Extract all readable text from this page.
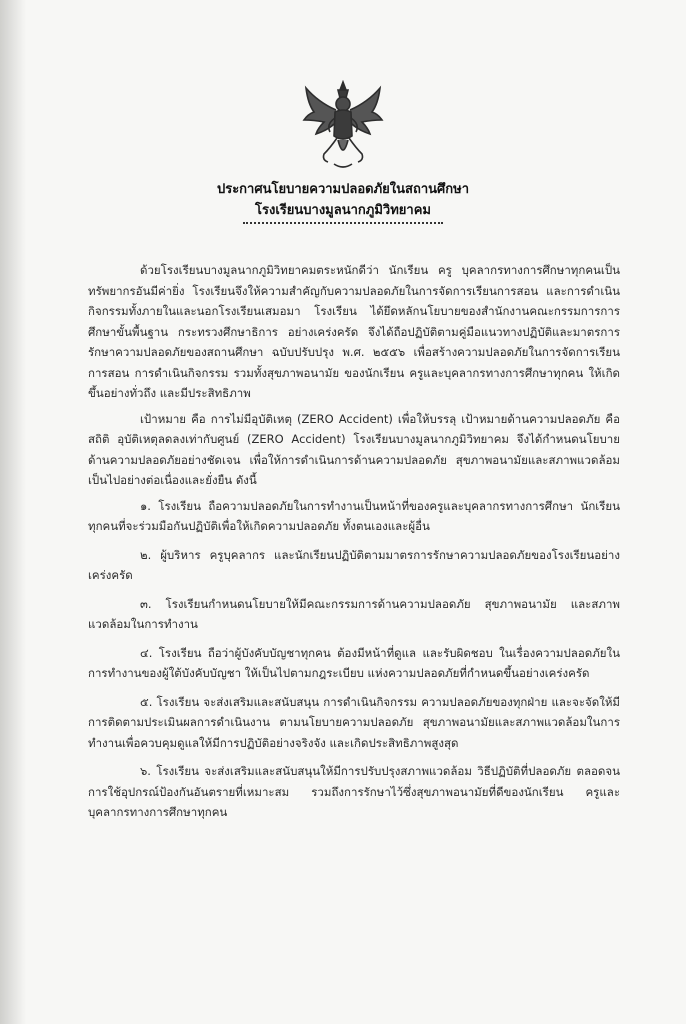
ประกาศนโยบายความปลอดภัยในสถานศึกษา
โรงเรียนบางมูลนากภูมิวิทยาคม

ด้วยโรงเรียนบางมูลนากภูมิวิทยาคมตระหนักดีว่า นักเรียน ครู บุคลากรทางการศึกษาทุกคนเป็นทรัพยากรอันมีค่ายิ่ง โรงเรียนจึงให้ความสำคัญกับความปลอดภัยในการจัดการเรียนการสอน และการดำเนินกิจกรรมทั้งภายในและนอกโรงเรียนเสมอมา โรงเรียน ได้ยึดหลักนโยบายของสำนักงานคณะกรรมการการศึกษาขั้นพื้นฐาน กระทรวงศึกษาธิการ อย่างเคร่งครัด จึงได้ถือปฏิบัติตามคู่มือแนวทางปฏิบัติและมาตรการรักษาความปลอดภัยของสถานศึกษา ฉบับปรับปรุง พ.ศ. ๒๕๕๖ เพื่อสร้างความปลอดภัยในการจัดการเรียนการสอน การดำเนินกิจกรรม รวมทั้งสุขภาพอนามัย ของนักเรียน ครูและบุคลากรทางการศึกษาทุกคน ให้เกิดขึ้นอย่างทั่วถึง และมีประสิทธิภาพ

เป้าหมาย คือ การไม่มีอุบัติเหตุ (ZERO Accident) เพื่อให้บรรลุ เป้าหมายด้านความปลอดภัย คือ สถิติ อุบัติเหตุลดลงเท่ากับศูนย์ (ZERO Accident) โรงเรียนบางมูลนากภูมิวิทยาคม จึงได้กำหนดนโยบายด้านความปลอดภัยอย่างชัดเจน เพื่อให้การดำเนินการด้านความปลอดภัย สุขภาพอนามัยและสภาพแวดล้อมเป็นไปอย่างต่อเนื่องและยั่งยืน ดังนี้

๑. โรงเรียน ถือความปลอดภัยในการทำงานเป็นหน้าที่ของครูและบุคลากรทางการศึกษา นักเรียนทุกคนที่จะร่วมมือกันปฏิบัติเพื่อให้เกิดความปลอดภัย ทั้งตนเองและผู้อื่น

๒. ผู้บริหาร ครูบุคลากร และนักเรียนปฏิบัติตามมาตรการรักษาความปลอดภัยของโรงเรียนอย่างเคร่งครัด

๓. โรงเรียนกำหนดนโยบายให้มีคณะกรรมการด้านความปลอดภัย สุขภาพอนามัย และสภาพแวดล้อมในการทำงาน

๔. โรงเรียน ถือว่าผู้บังคับบัญชาทุกคน ต้องมีหน้าที่ดูแล และรับผิดชอบ ในเรื่องความปลอดภัยในการทำงานของผู้ใต้บังคับบัญชา ให้เป็นไปตามกฎระเบียบ แห่งความปลอดภัยที่กำหนดขึ้นอย่างเคร่งครัด

๕. โรงเรียน จะส่งเสริมและสนับสนุน การดำเนินกิจกรรม ความปลอดภัยของทุกฝ่าย และจะจัดให้มีการติดตามประเมินผลการดำเนินงาน ตามนโยบายความปลอดภัย สุขภาพอนามัยและสภาพแวดล้อมในการทำงานเพื่อควบคุมดูแลให้มีการปฏิบัติอย่างจริงจัง และเกิดประสิทธิภาพสูงสุด

๖. โรงเรียน จะส่งเสริมและสนับสนุนให้มีการปรับปรุงสภาพแวดล้อม วิธีปฏิบัติที่ปลอดภัย ตลอดจนการใช้อุปกรณ์ป้องกันอันตรายที่เหมาะสม รวมถึงการรักษาไว้ซึ่งสุขภาพอนามัยที่ดีของนักเรียน ครูและบุคลากรทางการศึกษาทุกคน
